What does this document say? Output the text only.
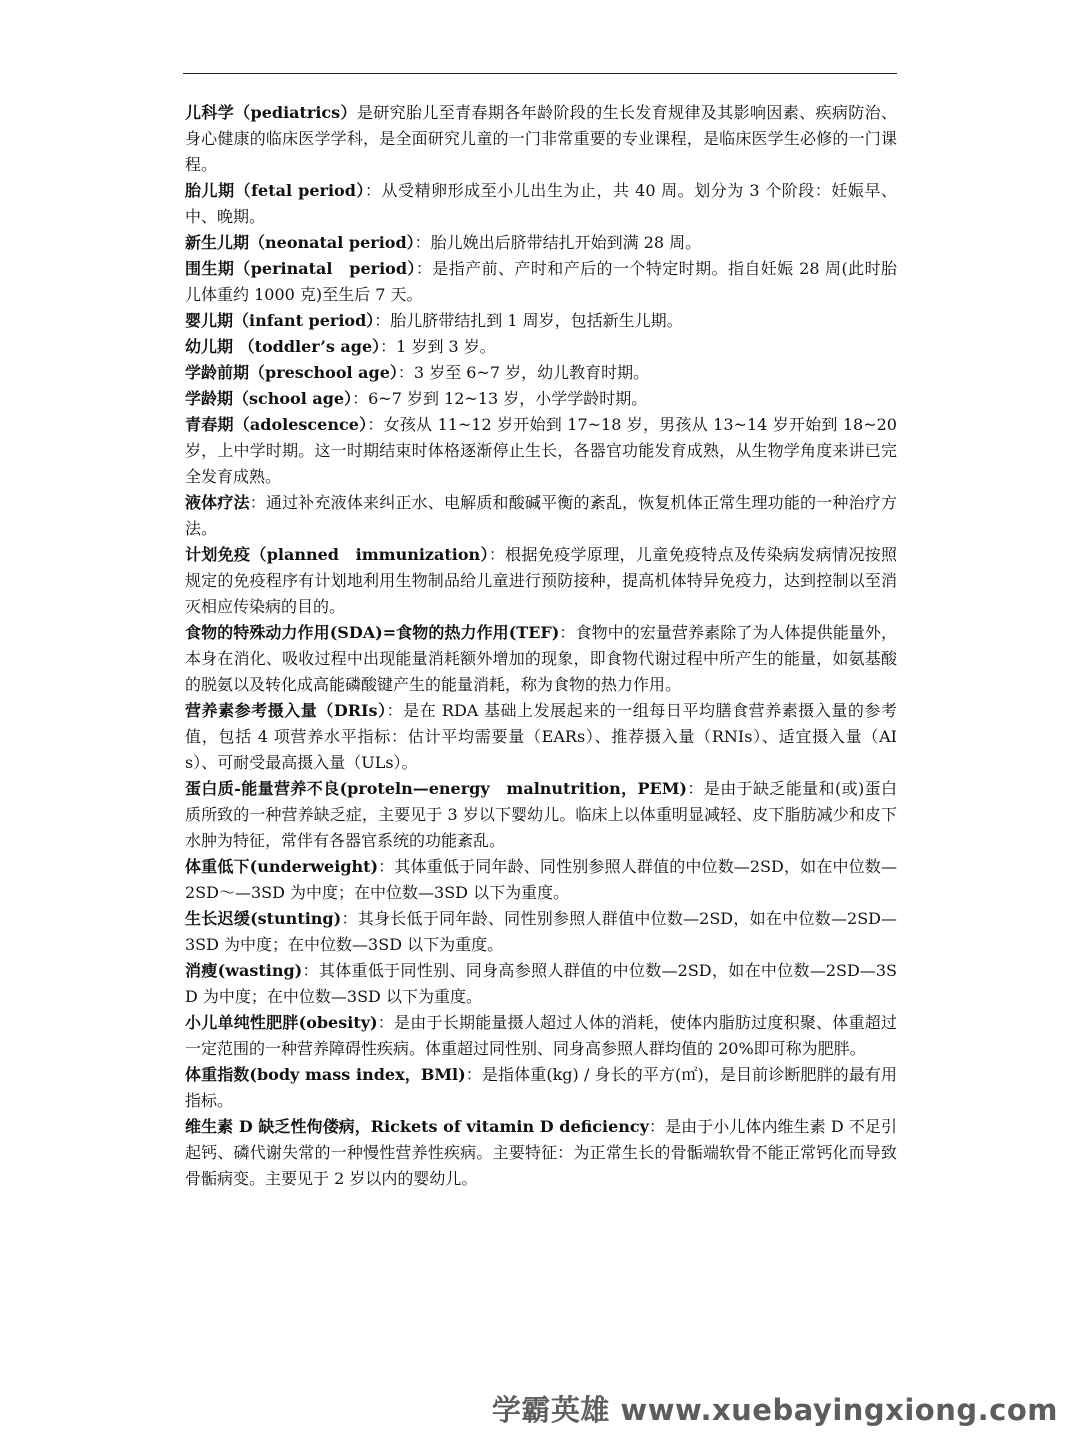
儿科学（pediatrics）是研究胎儿至青春期各年龄阶段的生长发育规律及其影响因素、疾病防治、身心健康的临床医学学科，是全面研究儿童的一门非常重要的专业课程，是临床医学生必修的一门课程。

胎儿期（fetal period）：从受精卵形成至小儿出生为止，共 40 周。划分为 3 个阶段：妊娠早、中、晚期。

新生儿期（neonatal period）：胎儿娩出后脐带结扎开始到满 28 周。

围生期（perinatal　period）：是指产前、产时和产后的一个特定时期。指自妊娠 28 周(此时胎儿体重约 1000 克)至生后 7 天。

婴儿期（infant period）：胎儿脐带结扎到 1 周岁，包括新生儿期。

幼儿期 （toddler’s age）：1 岁到 3 岁。

学龄前期（preschool age）：3 岁至 6~7 岁，幼儿教育时期。

学龄期（school age）：6~7 岁到 12~13 岁，小学学龄时期。

青春期（adolescence）：女孩从 11~12 岁开始到 17~18 岁，男孩从 13~14 岁开始到 18~20 岁，上中学时期。这一时期结束时体格逐渐停止生长，各器官功能发育成熟，从生物学角度来讲已完全发育成熟。

液体疗法：通过补充液体来纠正水、电解质和酸碱平衡的紊乱，恢复机体正常生理功能的一种治疗方法。

计划免疫（planned　immunization）：根据免疫学原理，儿童免疫特点及传染病发病情况按照规定的免疫程序有计划地利用生物制品给儿童进行预防接种，提高机体特异免疫力，达到控制以至消灭相应传染病的目的。

食物的特殊动力作用(SDA)=食物的热力作用(TEF)：食物中的宏量营养素除了为人体提供能量外，本身在消化、吸收过程中出现能量消耗额外增加的现象，即食物代谢过程中所产生的能量，如氨基酸的脱氨以及转化成高能磷酸键产生的能量消耗，称为食物的热力作用。

营养素参考摄入量（DRIs）：是在 RDA 基础上发展起来的一组每日平均膳食营养素摄入量的参考值，包括 4 项营养水平指标：估计平均需要量（EARs）、推荐摄入量（RNIs）、适宜摄入量（AIs）、可耐受最高摄入量（ULs）。

蛋白质-能量营养不良(proteln—energy　malnutrition，PEM)：是由于缺乏能量和(或)蛋白质所致的一种营养缺乏症，主要见于 3 岁以下婴幼儿。临床上以体重明显减轻、皮下脂肪减少和皮下水肿为特征，常伴有各器官系统的功能紊乱。

体重低下(underweight)：其体重低于同年龄、同性别参照人群值的中位数—2SD，如在中位数—2SD～—3SD 为中度；在中位数—3SD 以下为重度。

生长迟缓(stunting)：其身长低于同年龄、同性别参照人群值中位数—2SD，如在中位数—2SD—3SD 为中度；在中位数—3SD 以下为重度。

消瘦(wasting)：其体重低于同性别、同身高参照人群值的中位数—2SD，如在中位数—2SD—3SD 为中度；在中位数—3SD 以下为重度。

小儿单纯性肥胖(obesity)：是由于长期能量摄人超过人体的消耗，使体内脂肪过度积聚、体重超过一定范围的一种营养障碍性疾病。体重超过同性别、同身高参照人群均值的 20%即可称为肥胖。

体重指数(body mass index，BMl)：是指体重(kg) / 身长的平方(㎡)，是目前诊断肥胖的最有用指标。

维生素 D 缺乏性佝偻病，Rickets of vitamin D deficiency：是由于小儿体内维生素 D 不足引起钙、磷代谢失常的一种慢性营养性疾病。主要特征：为正常生长的骨骺端软骨不能正常钙化而导致骨骺病变。主要见于 2 岁以内的婴幼儿。

学霸英雄 www.xuebayingxiong.com
